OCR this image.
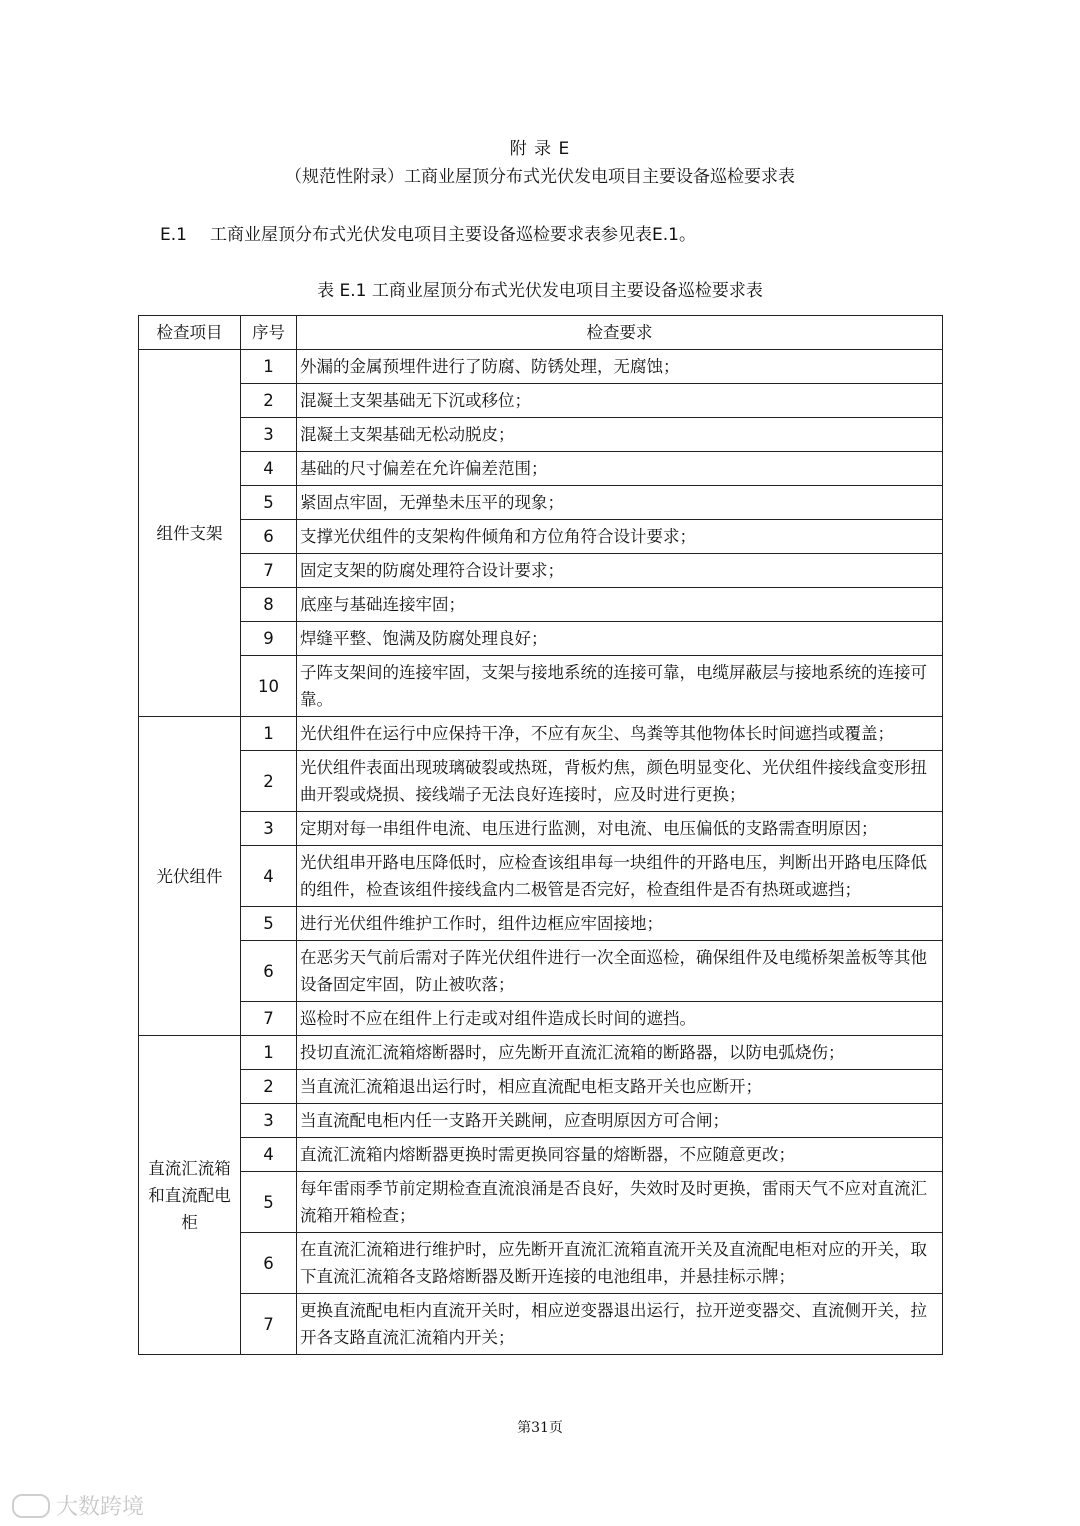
附 录 E
（规范性附录）工商业屋顶分布式光伏发电项目主要设备巡检要求表
E.1 工商业屋顶分布式光伏发电项目主要设备巡检要求表参见表E.1。
表 E.1 工商业屋顶分布式光伏发电项目主要设备巡检要求表
检查项目	序号	检查要求
组件支架	1	外漏的金属预埋件进行了防腐、防锈处理，无腐蚀；
	2	混凝土支架基础无下沉或移位；
	3	混凝土支架基础无松动脱皮；
	4	基础的尺寸偏差在允许偏差范围；
	5	紧固点牢固，无弹垫未压平的现象；
	6	支撑光伏组件的支架构件倾角和方位角符合设计要求；
	7	固定支架的防腐处理符合设计要求；
	8	底座与基础连接牢固；
	9	焊缝平整、饱满及防腐处理良好；
	10	子阵支架间的连接牢固，支架与接地系统的连接可靠，电缆屏蔽层与接地系统的连接可靠。
光伏组件	1	光伏组件在运行中应保持干净，不应有灰尘、鸟粪等其他物体长时间遮挡或覆盖；
	2	光伏组件表面出现玻璃破裂或热斑，背板灼焦，颜色明显变化、光伏组件接线盒变形扭曲开裂或烧损、接线端子无法良好连接时，应及时进行更换；
	3	定期对每一串组件电流、电压进行监测，对电流、电压偏低的支路需查明原因；
	4	光伏组串开路电压降低时，应检查该组串每一块组件的开路电压，判断出开路电压降低的组件，检查该组件接线盒内二极管是否完好，检查组件是否有热斑或遮挡；
	5	进行光伏组件维护工作时，组件边框应牢固接地；
	6	在恶劣天气前后需对子阵光伏组件进行一次全面巡检，确保组件及电缆桥架盖板等其他设备固定牢固，防止被吹落；
	7	巡检时不应在组件上行走或对组件造成长时间的遮挡。
直流汇流箱和直流配电柜	1	投切直流汇流箱熔断器时，应先断开直流汇流箱的断路器，以防电弧烧伤；
	2	当直流汇流箱退出运行时，相应直流配电柜支路开关也应断开；
	3	当直流配电柜内任一支路开关跳闸，应查明原因方可合闸；
	4	直流汇流箱内熔断器更换时需更换同容量的熔断器，不应随意更改；
	5	每年雷雨季节前定期检查直流浪涌是否良好，失效时及时更换，雷雨天气不应对直流汇流箱开箱检查；
	6	在直流汇流箱进行维护时，应先断开直流汇流箱直流开关及直流配电柜对应的开关，取下直流汇流箱各支路熔断器及断开连接的电池组串，并悬挂标示牌；
	7	更换直流配电柜内直流开关时，相应逆变器退出运行，拉开逆变器交、直流侧开关，拉开各支路直流汇流箱内开关；
第31页
大数跨境
